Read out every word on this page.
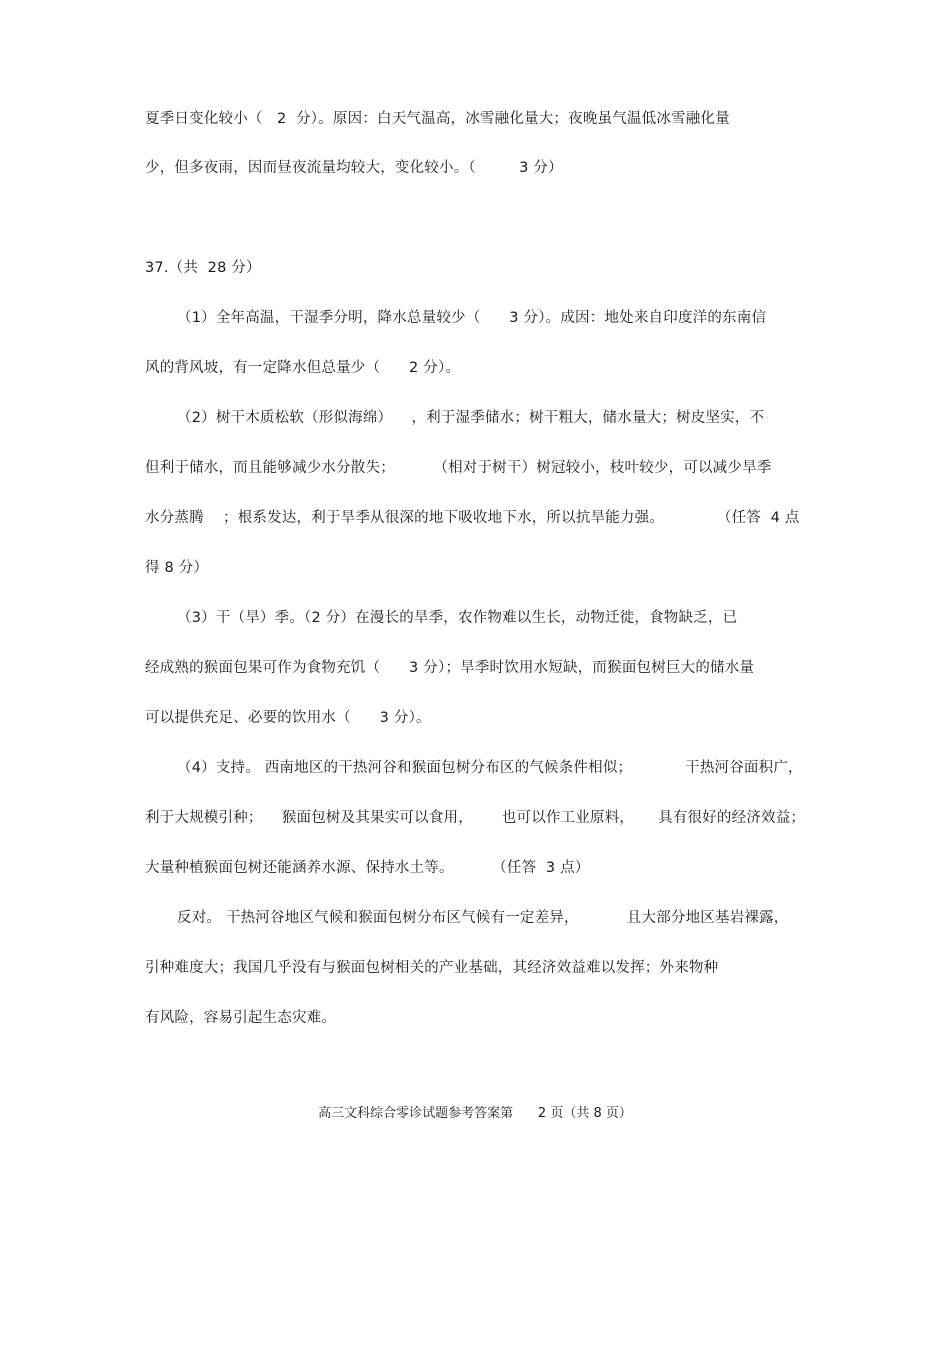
夏季日变化较小（   2  分）。原因：白天气温高，冰雪融化量大；夜晚虽气温低冰雪融化量
少，但多夜雨，因而昼夜流量均较大，变化较小。（         3 分）
37.（共  28 分）
（1）全年高温，干湿季分明，降水总量较少（      3 分）。成因：地处来自印度洋的东南信
风的背风坡，有一定降水但总量少（      2 分）。
（2）树干木质松软（形似海绵）    ，利于湿季储水；树干粗大，储水量大；树皮坚实，不
但利于储水，而且能够减少水分散失；        （相对于树干）树冠较小，枝叶较少，可以减少旱季
水分蒸腾    ；根系发达，利于旱季从很深的地下吸收地下水，所以抗旱能力强。           （任答  4 点
得 8 分）
（3）干（旱）季。（2 分）在漫长的旱季，农作物难以生长，动物迁徙，食物缺乏，已
经成熟的猴面包果可作为食物充饥（      3 分）；旱季时饮用水短缺，而猴面包树巨大的储水量
可以提供充足、必要的饮用水（      3 分）。
（4）支持。 西南地区的干热河谷和猴面包树分布区的气候条件相似；           干热河谷面积广，
利于大规模引种；    猴面包树及其果实可以食用，      也可以作工业原料，     具有很好的经济效益；
大量种植猴面包树还能涵养水源、保持水土等。        （任答  3 点）
反对。 干热河谷地区气候和猴面包树分布区气候有一定差异，          且大部分地区基岩裸露，
引种难度大；我国几乎没有与猴面包树相关的产业基础，其经济效益难以发挥；外来物种
有风险，容易引起生态灾难。
高三文科综合零诊试题参考答案第      2 页（共 8 页）
